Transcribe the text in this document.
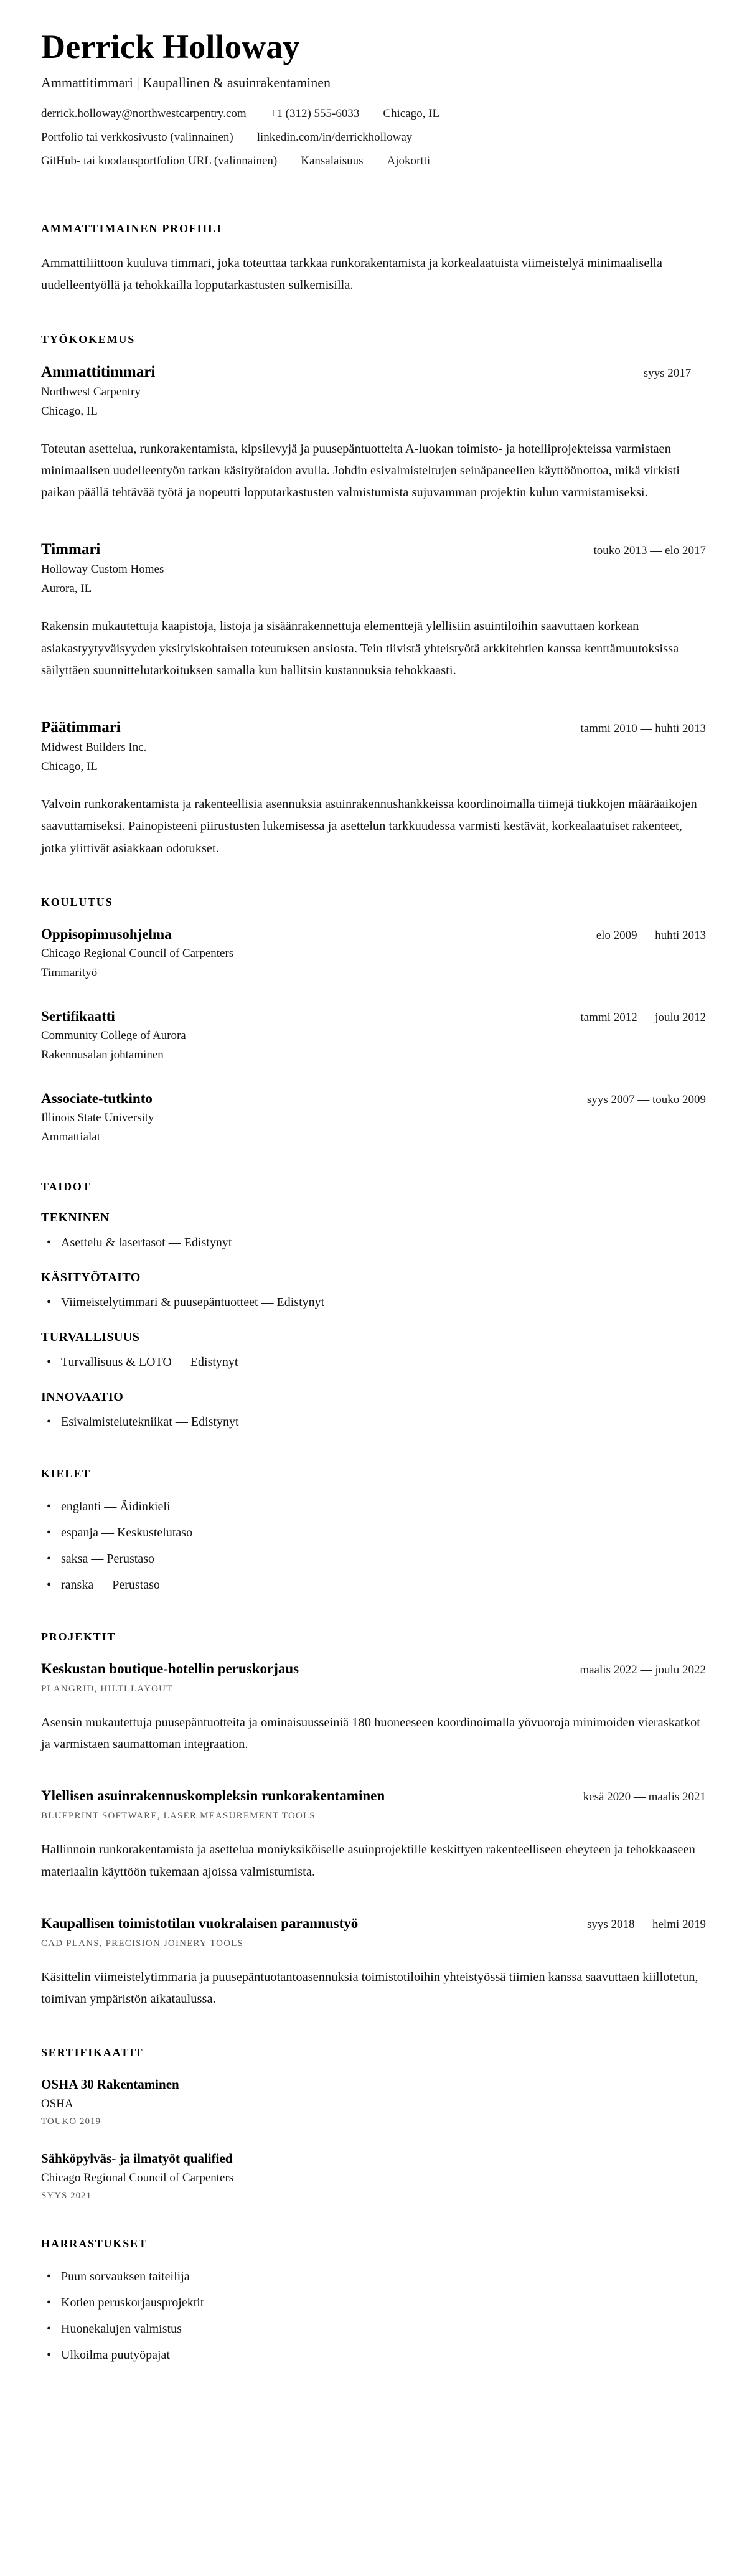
Derrick Holloway

Ammattitimmari | Kaupallinen & asuinrakentaminen

derrick.holloway@northwestcarpentry.com +1 (312) 555-6033 Chicago, IL
Portfolio tai verkkosivusto (valinnainen) linkedin.com/in/derrickholloway
GitHub- tai koodausportfolion URL (valinnainen) Kansalaisuus Ajokortti
AMMATTIMAINEN PROFIILI

Ammattiliittoon kuuluva timmari, joka toteuttaa tarkkaa runkorakentamista ja korkealaatuista viimeistelyä minimaalisella uudelleentyöllä ja tehokkailla lopputarkastusten sulkemisilla.

TYÖKOKEMUS
Ammattitimmari	syys 2017 —
Northwest Carpentry
Chicago, IL

Toteutan asettelua, runkorakentamista, kipsilevyjä ja puusepäntuotteita A-luokan toimisto- ja hotelliprojekteissa varmistaen minimaalisen uudelleentyön tarkan käsityötaidon avulla. Johdin esivalmisteltujen seinäpaneelien käyttöönottoa, mikä virkisti paikan päällä tehtävää työtä ja nopeutti lopputarkastusten valmistumista sujuvamman projektin kulun varmistamiseksi.

Timmari	touko 2013 — elo 2017
Holloway Custom Homes
Aurora, IL

Rakensin mukautettuja kaapistoja, listoja ja sisäänrakennettuja elementtejä ylellisiin asuintiloihin saavuttaen korkean asiakastyytyväisyyden yksityiskohtaisen toteutuksen ansiosta. Tein tiivistä yhteistyötä arkkitehtien kanssa kenttämuutoksissa säilyttäen suunnittelutarkoituksen samalla kun hallitsin kustannuksia tehokkaasti.

Päätimmari	tammi 2010 — huhti 2013
Midwest Builders Inc.
Chicago, IL

Valvoin runkorakentamista ja rakenteellisia asennuksia asuinrakennushankkeissa koordinoimalla tiimejä tiukkojen määräaikojen saavuttamiseksi. Painopisteeni piirustusten lukemisessa ja asettelun tarkkuudessa varmisti kestävät, korkealaatuiset rakenteet, jotka ylittivät asiakkaan odotukset.

KOULUTUS
Oppisopimusohjelma	elo 2009 — huhti 2013
Chicago Regional Council of Carpenters
Timmarityö
Sertifikaatti	tammi 2012 — joulu 2012
Community College of Aurora
Rakennusalan johtaminen
Associate-tutkinto	syys 2007 — touko 2009
Illinois State University
Ammattialat
TAIDOT
TEKNINEN
• Asettelu & lasertasot — Edistynyt
KÄSITYÖTAITO
• Viimeistelytimmari & puusepäntuotteet — Edistynyt
TURVALLISUUS
• Turvallisuus & LOTO — Edistynyt
INNOVAATIO
• Esivalmistelutekniikat — Edistynyt
KIELET
• englanti — Äidinkieli
• espanja — Keskustelutaso
• saksa — Perustaso
• ranska — Perustaso
PROJEKTIT
Keskustan boutique-hotellin peruskorjaus	maalis 2022 — joulu 2022
PLANGRID, HILTI LAYOUT

Asensin mukautettuja puusepäntuotteita ja ominaisuusseiniä 180 huoneeseen koordinoimalla yövuoroja minimoiden vieraskatkot ja varmistaen saumattoman integraation.

Ylellisen asuinrakennuskompleksin runkorakentaminen	kesä 2020 — maalis 2021
BLUEPRINT SOFTWARE, LASER MEASUREMENT TOOLS

Hallinnoin runkorakentamista ja asettelua moniyksiköiselle asuinprojektille keskittyen rakenteelliseen eheyteen ja tehokkaaseen materiaalin käyttöön tukemaan ajoissa valmistumista.

Kaupallisen toimistotilan vuokralaisen parannustyö	syys 2018 — helmi 2019
CAD PLANS, PRECISION JOINERY TOOLS

Käsittelin viimeistelytimmaria ja puusepäntuotantoasennuksia toimistotiloihin yhteistyössä tiimien kanssa saavuttaen kiillotetun, toimivan ympäristön aikataulussa.

SERTIFIKAATIT
OSHA 30 Rakentaminen
OSHA
TOUKO 2019
Sähköpylväs- ja ilmatyöt qualified
Chicago Regional Council of Carpenters
SYYS 2021
HARRASTUKSET
• Puun sorvauksen taiteilija
• Kotien peruskorjausprojektit
• Huonekalujen valmistus
• Ulkoilma puutyöpajat
